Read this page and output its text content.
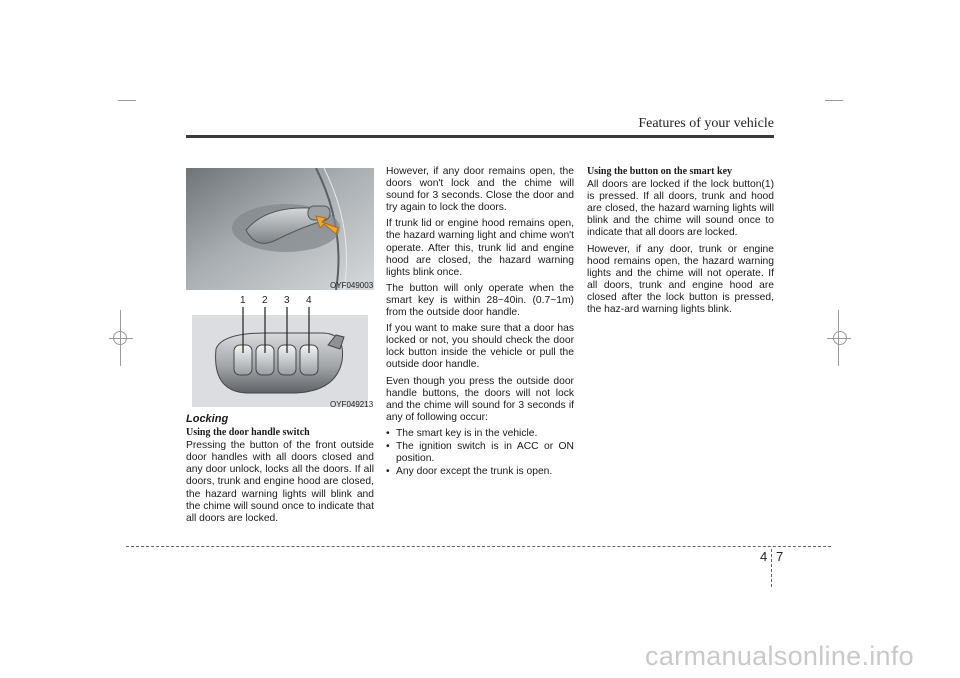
Features of your vehicle
OYF049003
1 2 3 4
OYF049213
Locking
Using the door handle switch

Pressing the button of the front outside door handles with all doors closed and any door unlock, locks all the doors. If all doors, trunk and engine hood are closed, the hazard warning lights will blink and the chime will sound once to indicate that all doors are locked.

However, if any door remains open, the doors won't lock and the chime will sound for 3 seconds. Close the door and try again to lock the doors.

If trunk lid or engine hood remains open, the hazard warning light and chime won't operate. After this, trunk lid and engine hood are closed, the hazard warning lights blink once.

The button will only operate when the smart key is within 28~40in. (0.7~1m) from the outside door handle.

If you want to make sure that a door has locked or not, you should check the door lock button inside the vehicle or pull the outside door handle.

Even though you press the outside door handle buttons, the doors will not lock and the chime will sound for 3 seconds if any of following occur:

• The smart key is in the vehicle.
• The ignition switch is in ACC or ON position.
• Any door except the trunk is open.
Using the button on the smart key

All doors are locked if the lock button(1) is pressed. If all doors, trunk and hood are closed, the hazard warning lights will blink and the chime will sound once to indicate that all doors are locked.

However, if any door, trunk or engine hood remains open, the hazard warning lights and the chime will not operate. If all doors, trunk and engine hood are closed after the lock button is pressed, the haz-ard warning lights blink.

4 7
carmanualsonline.info
